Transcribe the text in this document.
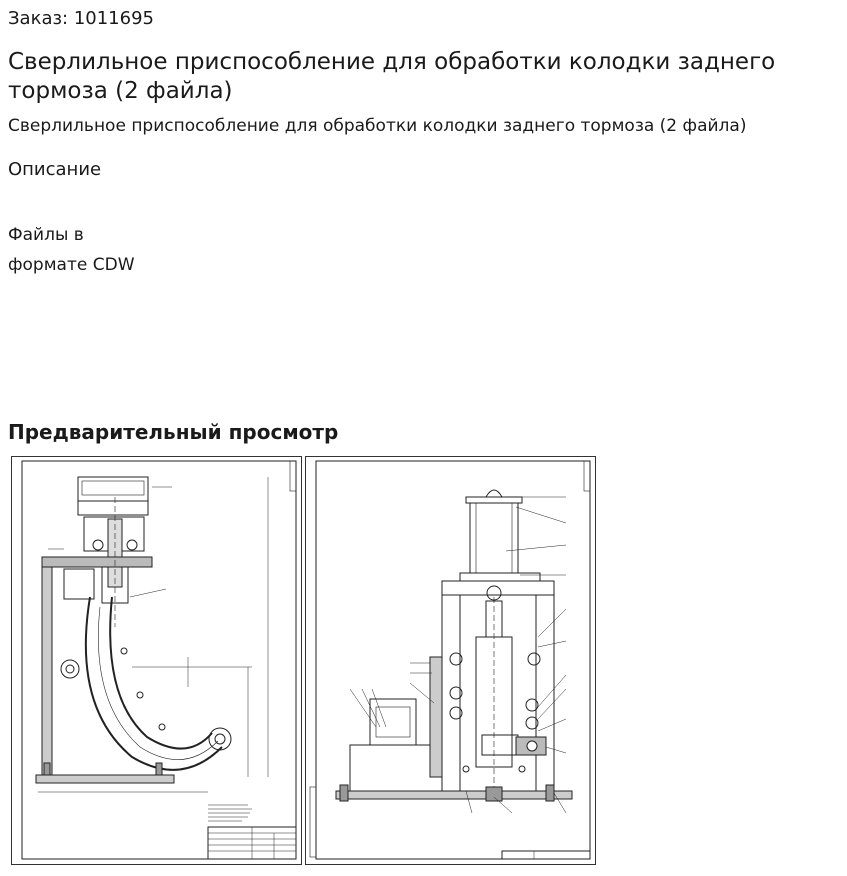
Заказ: 1011695
Сверлильное приспособление для обработки колодки заднего тормоза (2 файла)
Сверлильное приспособление для обработки колодки заднего тормоза (2 файла)
Описание
Файлы в
формате CDW
Предварительный просмотр
